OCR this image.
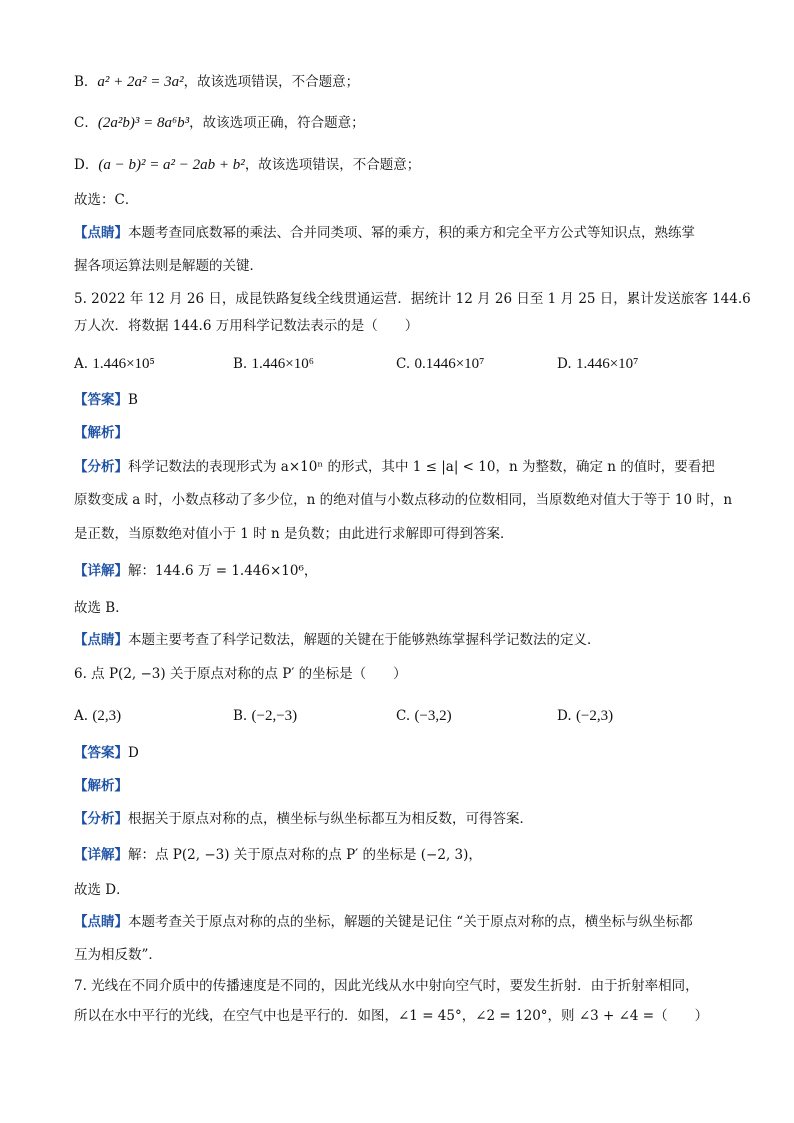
B．a² + 2a² = 3a²，故该选项错误，不合题意；
C．(2a²b)³ = 8a⁶b³，故该选项正确，符合题意；
D．(a − b)² = a² − 2ab + b²，故该选项错误，不合题意；
故选：C．
【点睛】本题考查同底数幂的乘法、合并同类项、幂的乘方，积的乘方和完全平方公式等知识点，熟练掌
握各项运算法则是解题的关键．
5. 2022 年 12 月 26 日，成昆铁路复线全线贯通运营．据统计 12 月 26 日至 1 月 25 日，累计发送旅客 144.6
万人次．将数据 144.6 万用科学记数法表示的是（　　）
A. 1.446×10⁵	B. 1.446×10⁶	C. 0.1446×10⁷	D. 1.446×10⁷
【答案】B
【解析】
【分析】科学记数法的表现形式为 a×10ⁿ 的形式，其中 1 ≤ |a| < 10，n 为整数，确定 n 的值时，要看把
原数变成 a 时，小数点移动了多少位，n 的绝对值与小数点移动的位数相同，当原数绝对值大于等于 10 时，n
是正数，当原数绝对值小于 1 时 n 是负数；由此进行求解即可得到答案．
【详解】解：144.6 万 = 1.446×10⁶，
故选 B．
【点睛】本题主要考查了科学记数法，解题的关键在于能够熟练掌握科学记数法的定义．
6. 点 P(2, −3) 关于原点对称的点 P′ 的坐标是（　　）
A. (2,3)	B. (−2,−3)	C. (−3,2)	D. (−2,3)
【答案】D
【解析】
【分析】根据关于原点对称的点，横坐标与纵坐标都互为相反数，可得答案．
【详解】解：点 P(2, −3) 关于原点对称的点 P′ 的坐标是 (−2, 3)，
故选 D．
【点睛】本题考查关于原点对称的点的坐标，解题的关键是记住 “关于原点对称的点，横坐标与纵坐标都
互为相反数”．
7. 光线在不同介质中的传播速度是不同的，因此光线从水中射向空气时，要发生折射．由于折射率相同，
所以在水中平行的光线，在空气中也是平行的．如图，∠1 = 45°，∠2 = 120°，则 ∠3 + ∠4 =（　　）
